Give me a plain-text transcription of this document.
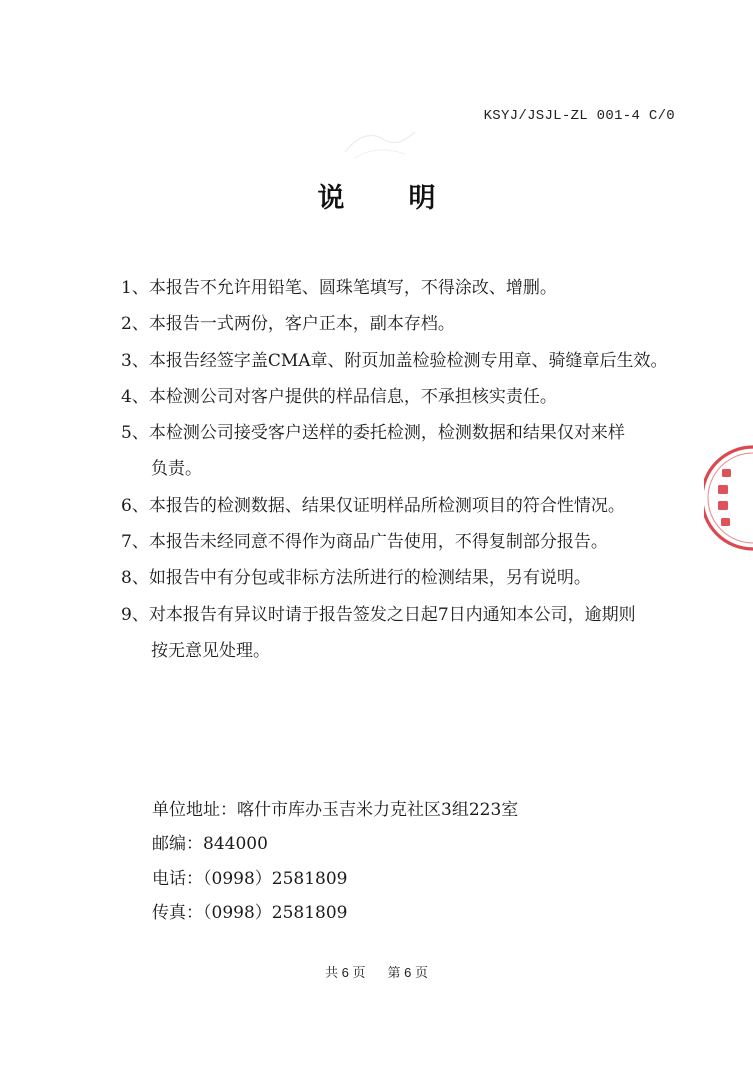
KSYJ/JSJL-ZL 001-4 C/0
说 明
1、本报告不允许用铅笔、圆珠笔填写，不得涂改、增删。
2、本报告一式两份，客户正本，副本存档。
3、本报告经签字盖CMA章、附页加盖检验检测专用章、骑缝章后生效。
4、本检测公司对客户提供的样品信息，不承担核实责任。
5、本检测公司接受客户送样的委托检测，检测数据和结果仅对来样
负责。
6、本报告的检测数据、结果仅证明样品所检测项目的符合性情况。
7、本报告未经同意不得作为商品广告使用，不得复制部分报告。
8、如报告中有分包或非标方法所进行的检测结果，另有说明。
9、对本报告有异议时请于报告签发之日起7日内通知本公司，逾期则
按无意见处理。
单位地址：喀什市库办玉吉米力克社区3组223室
邮编：844000
电话：（0998）2581809
传真：（0998）2581809
共 6 页 第 6 页
